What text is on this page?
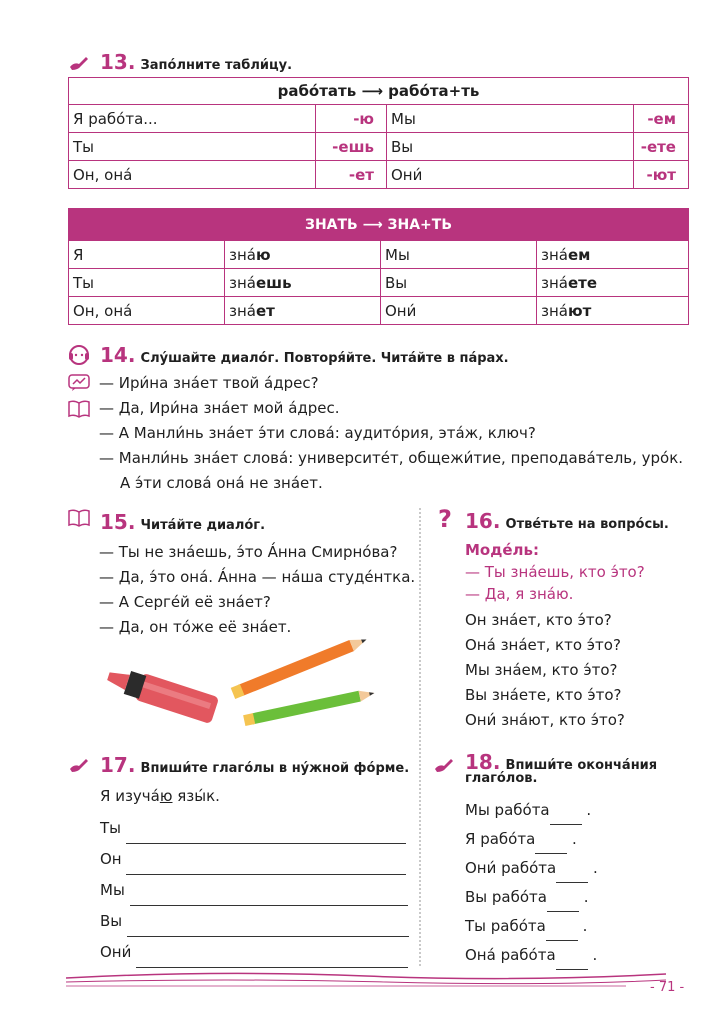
13. Запо́лните табли́цу.
рабо́тать ⟶ рабо́та+ть			
Я рабо́та...	-ю	Мы	-ем
Ты	-ешь	Вы	-ете
Он, она́	-ет	Они́	-ют
ЗНАТЬ ⟶ ЗНА+ТЬ			
Я	зна́ю	Мы	зна́ем
Ты	зна́ешь	Вы	зна́ете
Он, она́	зна́ет	Они́	зна́ют
14. Слу́шайте диало́г. Повторя́йте. Чита́йте в па́рах.
— Ири́на зна́ет твой а́дрес?
— Да, Ири́на зна́ет мой а́дрес.
— А Манли́нь зна́ет э́ти слова́: аудито́рия, эта́ж, ключ?
— Манли́нь зна́ет слова́: университе́т, общежи́тие, преподава́тель, уро́к.
А э́ти слова́ она́ не зна́ет.
15. Чита́йте диало́г.
— Ты не зна́ешь, э́то А́нна Смирно́ва?
— Да, э́то она́. А́нна — на́ша студе́нтка.
— А Серге́й её зна́ет?
— Да, он то́же её зна́ет.
? 16. Отве́тьте на вопро́сы.
Моде́ль:
— Ты зна́ешь, кто э́то?
— Да, я зна́ю.
Он зна́ет, кто э́то?
Она́ зна́ет, кто э́то?
Мы зна́ем, кто э́то?
Вы зна́ете, кто э́то?
Они́ зна́ют, кто э́то?
17. Впиши́те глаго́лы в ну́жной фо́рме.
Я изуча́ю язы́к.
Ты
Он
Мы
Вы
Они́
18. Впиши́те оконча́ния
глаго́лов.
Мы рабо́та .
Я рабо́та .
Они́ рабо́та .
Вы рабо́та .
Ты рабо́та .
Она́ рабо́та .
- 71 -
